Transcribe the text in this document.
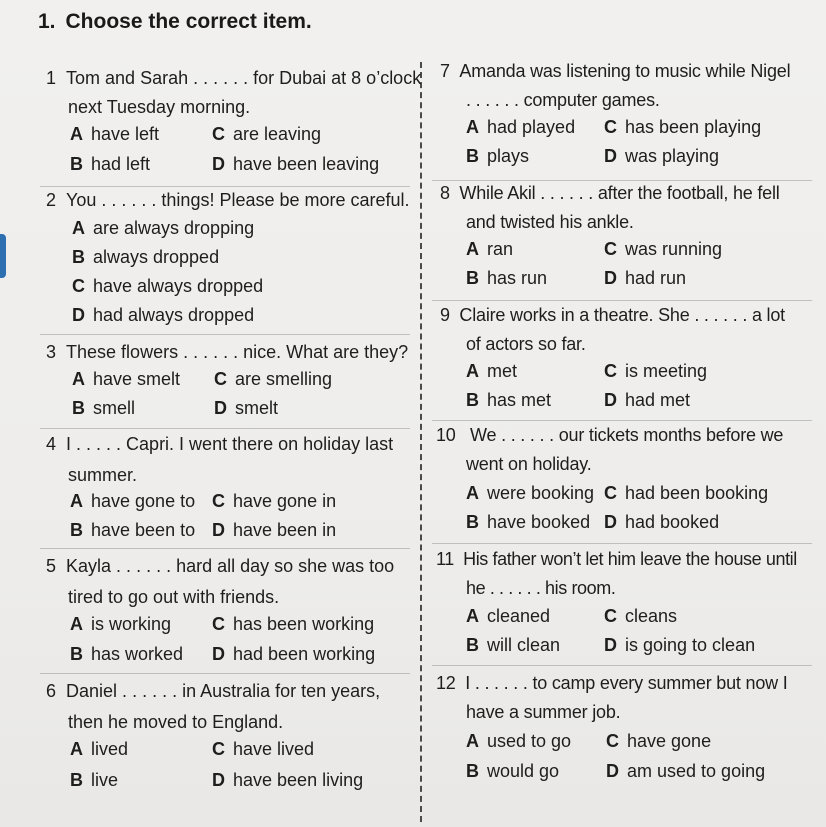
1. Choose the correct item.
1 Tom and Sarah . . . . . . for Dubai at 8 o’clock
next Tuesday morning.
A have left	C are leaving
B had left	D have been leaving
2 You . . . . . . things! Please be more careful.
A are always dropping
B always dropped
C have always dropped
D had always dropped
3 These flowers . . . . . . nice. What are they?
A have smelt C are smelling
B smell	D smelt
4 I . . . . . Capri. I went there on holiday last
summer.
A have gone to C have gone in
B have been to D have been in
5 Kayla . . . . . . hard all day so she was too
tired to go out with friends.
A is working C has been working
B has worked D had been working
6 Daniel . . . . . . in Australia for ten years,
then he moved to England.
A lived	C have lived
B live	D have been living
7 Amanda was listening to music while Nigel
. . . . . . computer games.
A had played C has been playing
B plays	D was playing
8 While Akil . . . . . . after the football, he fell
and twisted his ankle.
A ran	C was running
B has run	D had run
9 Claire works in a theatre. She . . . . . . a lot
of actors so far.
A met	C is meeting
B has met	D had met
10 We . . . . . . our tickets months before we
went on holiday.
A were booking C had been booking
B have booked D had booked
11 His father won’t let him leave the house until
he . . . . . . his room.
A cleaned	C cleans
B will clean D is going to clean
12 I . . . . . . to camp every summer but now I
have a summer job.
A used to go C have gone
B would go	D am used to going
